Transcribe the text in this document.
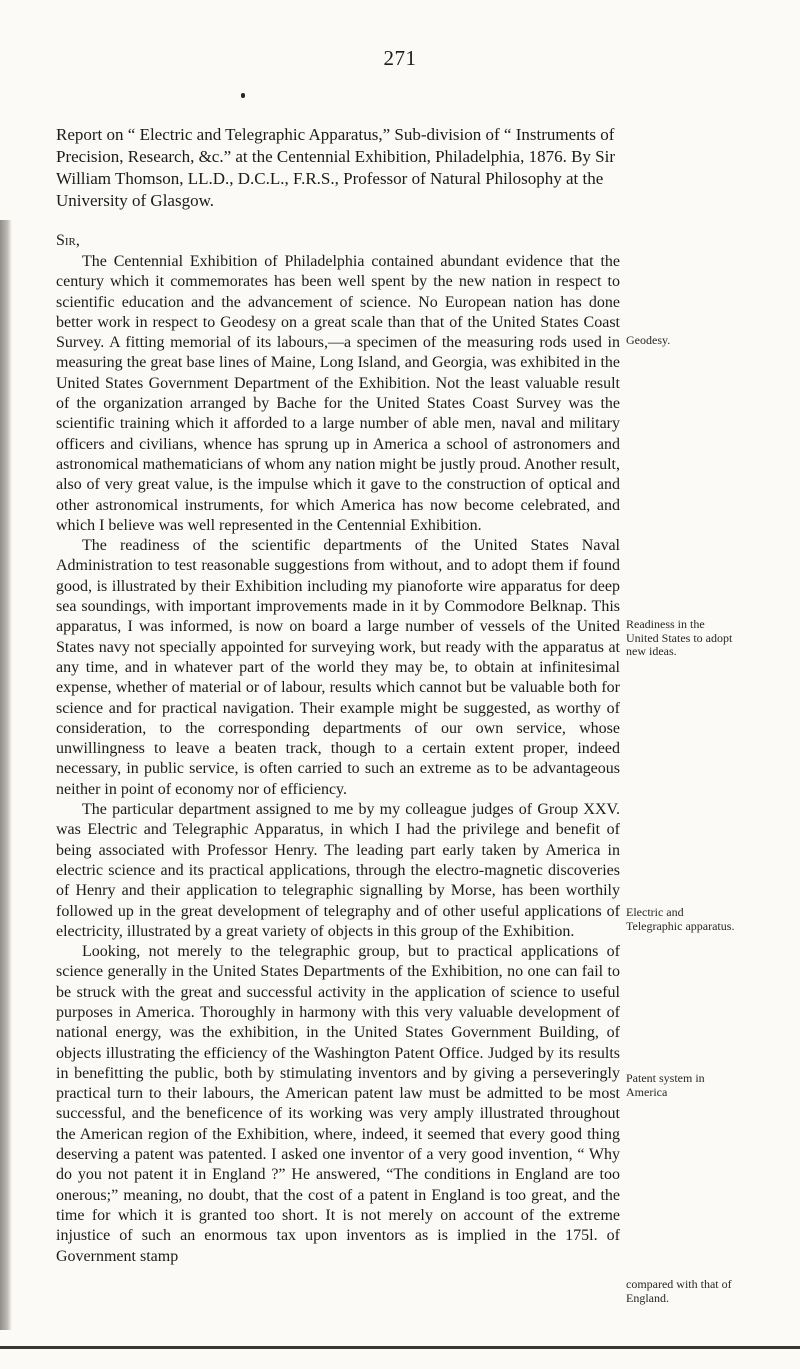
271
Report on “ Electric and Telegraphic Apparatus,” Sub-division of “ Instruments of Precision, Research, &c.” at the Centennial Exhibition, Philadelphia, 1876. By Sir William Thomson, LL.D., D.C.L., F.R.S., Professor of Natural Philosophy at the University of Glasgow.
Sir,

The Centennial Exhibition of Philadelphia contained abundant evidence that the century which it commemorates has been well spent by the new nation in respect to scientific education and the advancement of science. No European nation has done better work in respect to Geodesy on a great scale than that of the United States Coast Survey. A fitting memorial of its labours,—a specimen of the measuring rods used in measuring the great base lines of Maine, Long Island, and Georgia, was exhibited in the United States Government Department of the Exhibition. Not the least valuable result of the organization arranged by Bache for the United States Coast Survey was the scientific training which it afforded to a large number of able men, naval and military officers and civilians, whence has sprung up in America a school of astronomers and astronomical mathematicians of whom any nation might be justly proud. Another result, also of very great value, is the impulse which it gave to the construction of optical and other astronomical instruments, for which America has now become celebrated, and which I believe was well represented in the Centennial Exhibition.

The readiness of the scientific departments of the United States Naval Administration to test reasonable suggestions from without, and to adopt them if found good, is illustrated by their Exhibition including my pianoforte wire apparatus for deep sea soundings, with important improvements made in it by Commodore Belknap. This apparatus, I was informed, is now on board a large number of vessels of the United States navy not specially appointed for surveying work, but ready with the apparatus at any time, and in whatever part of the world they may be, to obtain at infinitesimal expense, whether of material or of labour, results which cannot but be valuable both for science and for practical navigation. Their example might be suggested, as worthy of consideration, to the corresponding departments of our own service, whose unwillingness to leave a beaten track, though to a certain extent proper, indeed necessary, in public service, is often carried to such an extreme as to be advantageous neither in point of economy nor of efficiency.

The particular department assigned to me by my colleague judges of Group XXV. was Electric and Telegraphic Apparatus, in which I had the privilege and benefit of being associated with Professor Henry. The leading part early taken by America in electric science and its practical applications, through the electro-magnetic discoveries of Henry and their application to telegraphic signalling by Morse, has been worthily followed up in the great development of telegraphy and of other useful applications of electricity, illustrated by a great variety of objects in this group of the Exhibition.

Looking, not merely to the telegraphic group, but to practical applications of science generally in the United States Departments of the Exhibition, no one can fail to be struck with the great and successful activity in the application of science to useful purposes in America. Thoroughly in harmony with this very valuable development of national energy, was the exhibition, in the United States Government Building, of objects illustrating the efficiency of the Washington Patent Office. Judged by its results in benefitting the public, both by stimulating inventors and by giving a perseveringly practical turn to their labours, the American patent law must be admitted to be most successful, and the beneficence of its working was very amply illustrated throughout the American region of the Exhibition, where, indeed, it seemed that every good thing deserving a patent was patented. I asked one inventor of a very good invention, “ Why do you not patent it in England ?” He answered, “The conditions in England are too onerous;” meaning, no doubt, that the cost of a patent in England is too great, and the time for which it is granted too short. It is not merely on account of the extreme injustice of such an enormous tax upon inventors as is implied in the 175l. of Government stamp

Geodesy.
Readiness in the United States to adopt new ideas.
Electric and Telegraphic apparatus.
Patent system in America
compared with that of England.
